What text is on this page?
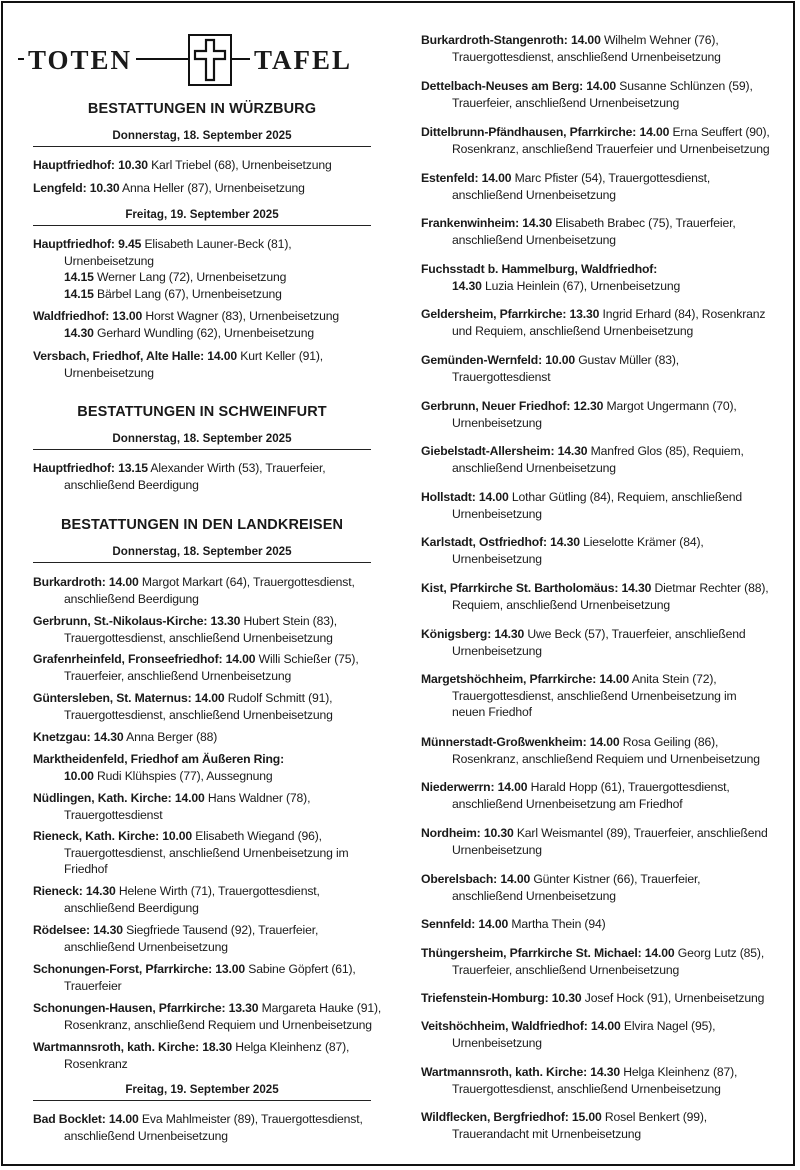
TOTEN	TAFEL
BESTATTUNGEN IN WÜRZBURG
Donnerstag, 18. September 2025
Hauptfriedhof: 10.30 Karl Triebel (68), Urnenbeisetzung
Lengfeld: 10.30 Anna Heller (87), Urnenbeisetzung
Freitag, 19. September 2025
Hauptfriedhof: 9.45 Elisabeth Launer-Beck (81),
Urnenbeisetzung
14.15 Werner Lang (72), Urnenbeisetzung
14.15 Bärbel Lang (67), Urnenbeisetzung
Waldfriedhof: 13.00 Horst Wagner (83), Urnenbeisetzung
14.30 Gerhard Wundling (62), Urnenbeisetzung
Versbach, Friedhof, Alte Halle: 14.00 Kurt Keller (91),
Urnenbeisetzung
BESTATTUNGEN IN SCHWEINFURT
Donnerstag, 18. September 2025
Hauptfriedhof: 13.15 Alexander Wirth (53), Trauerfeier,
anschließend Beerdigung
BESTATTUNGEN IN DEN LANDKREISEN
Donnerstag, 18. September 2025
Burkardroth: 14.00 Margot Markart (64), Trauergottesdienst,
anschließend Beerdigung
Gerbrunn, St.-Nikolaus-Kirche: 13.30 Hubert Stein (83),
Trauergottesdienst, anschließend Urnenbeisetzung
Grafenrheinfeld, Fronseefriedhof: 14.00 Willi Schießer (75),
Trauerfeier, anschließend Urnenbeisetzung
Güntersleben, St. Maternus: 14.00 Rudolf Schmitt (91),
Trauergottesdienst, anschließend Urnenbeisetzung
Knetzgau: 14.30 Anna Berger (88)
Marktheidenfeld, Friedhof am Äußeren Ring:
10.00 Rudi Klühspies (77), Aussegnung
Nüdlingen, Kath. Kirche: 14.00 Hans Waldner (78),
Trauergottesdienst
Rieneck, Kath. Kirche: 10.00 Elisabeth Wiegand (96),
Trauergottesdienst, anschließend Urnenbeisetzung im
Friedhof
Rieneck: 14.30 Helene Wirth (71), Trauergottesdienst,
anschließend Beerdigung
Rödelsee: 14.30 Siegfriede Tausend (92), Trauerfeier,
anschließend Urnenbeisetzung
Schonungen-Forst, Pfarrkirche: 13.00 Sabine Göpfert (61),
Trauerfeier
Schonungen-Hausen, Pfarrkirche: 13.30 Margareta Hauke (91),
Rosenkranz, anschließend Requiem und Urnenbeisetzung
Wartmannsroth, kath. Kirche: 18.30 Helga Kleinhenz (87),
Rosenkranz
Freitag, 19. September 2025
Bad Bocklet: 14.00 Eva Mahlmeister (89), Trauergottesdienst,
anschließend Urnenbeisetzung
Burkardroth-Stangenroth: 14.00 Wilhelm Wehner (76),
Trauergottesdienst, anschließend Urnenbeisetzung
Dettelbach-Neuses am Berg: 14.00 Susanne Schlünzen (59),
Trauerfeier, anschließend Urnenbeisetzung
Dittelbrunn-Pfändhausen, Pfarrkirche: 14.00 Erna Seuffert (90),
Rosenkranz, anschließend Trauerfeier und Urnenbeisetzung
Estenfeld: 14.00 Marc Pfister (54), Trauergottesdienst,
anschließend Urnenbeisetzung
Frankenwinheim: 14.30 Elisabeth Brabec (75), Trauerfeier,
anschließend Urnenbeisetzung
Fuchsstadt b. Hammelburg, Waldfriedhof:
14.30 Luzia Heinlein (67), Urnenbeisetzung
Geldersheim, Pfarrkirche: 13.30 Ingrid Erhard (84), Rosenkranz
und Requiem, anschließend Urnenbeisetzung
Gemünden-Wernfeld: 10.00 Gustav Müller (83),
Trauergottesdienst
Gerbrunn, Neuer Friedhof: 12.30 Margot Ungermann (70),
Urnenbeisetzung
Giebelstadt-Allersheim: 14.30 Manfred Glos (85), Requiem,
anschließend Urnenbeisetzung
Hollstadt: 14.00 Lothar Gütling (84), Requiem, anschließend
Urnenbeisetzung
Karlstadt, Ostfriedhof: 14.30 Lieselotte Krämer (84),
Urnenbeisetzung
Kist, Pfarrkirche St. Bartholomäus: 14.30 Dietmar Rechter (88),
Requiem, anschließend Urnenbeisetzung
Königsberg: 14.30 Uwe Beck (57), Trauerfeier, anschließend
Urnenbeisetzung
Margetshöchheim, Pfarrkirche: 14.00 Anita Stein (72),
Trauergottesdienst, anschließend Urnenbeisetzung im
neuen Friedhof
Münnerstadt-Großwenkheim: 14.00 Rosa Geiling (86),
Rosenkranz, anschließend Requiem und Urnenbeisetzung
Niederwerrn: 14.00 Harald Hopp (61), Trauergottesdienst,
anschließend Urnenbeisetzung am Friedhof
Nordheim: 10.30 Karl Weismantel (89), Trauerfeier, anschließend
Urnenbeisetzung
Oberelsbach: 14.00 Günter Kistner (66), Trauerfeier,
anschließend Urnenbeisetzung
Sennfeld: 14.00 Martha Thein (94)
Thüngersheim, Pfarrkirche St. Michael: 14.00 Georg Lutz (85),
Trauerfeier, anschließend Urnenbeisetzung
Triefenstein-Homburg: 10.30 Josef Hock (91), Urnenbeisetzung
Veitshöchheim, Waldfriedhof: 14.00 Elvira Nagel (95),
Urnenbeisetzung
Wartmannsroth, kath. Kirche: 14.30 Helga Kleinhenz (87),
Trauergottesdienst, anschließend Urnenbeisetzung
Wildflecken, Bergfriedhof: 15.00 Rosel Benkert (99),
Trauerandacht mit Urnenbeisetzung
